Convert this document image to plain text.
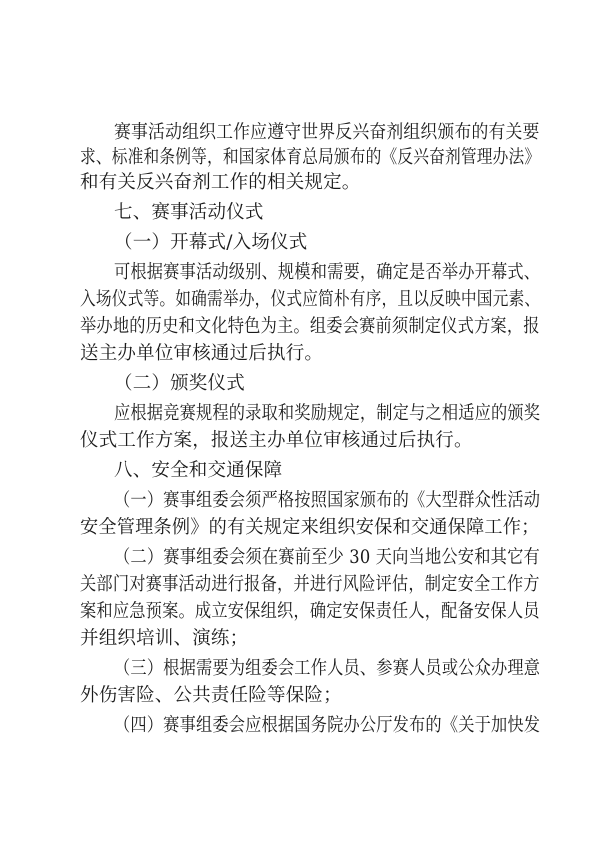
赛事活动组织工作应遵守世界反兴奋剂组织颁布的有关要
求、标准和条例等，和国家体育总局颁布的《反兴奋剂管理办法》
和有关反兴奋剂工作的相关规定。
七、赛事活动仪式
（一）开幕式/入场仪式
可根据赛事活动级别、规模和需要，确定是否举办开幕式、
入场仪式等。如确需举办，仪式应简朴有序，且以反映中国元素、
举办地的历史和文化特色为主。组委会赛前须制定仪式方案，报
送主办单位审核通过后执行。
（二）颁奖仪式
应根据竞赛规程的录取和奖励规定，制定与之相适应的颁奖
仪式工作方案，报送主办单位审核通过后执行。
八、安全和交通保障
（一）赛事组委会须严格按照国家颁布的《大型群众性活动
安全管理条例》的有关规定来组织安保和交通保障工作；
（二）赛事组委会须在赛前至少 30 天向当地公安和其它有
关部门对赛事活动进行报备，并进行风险评估，制定安全工作方
案和应急预案。成立安保组织，确定安保责任人，配备安保人员
并组织培训、演练；
（三）根据需要为组委会工作人员、参赛人员或公众办理意
外伤害险、公共责任险等保险；
（四）赛事组委会应根据国务院办公厅发布的《关于加快发
